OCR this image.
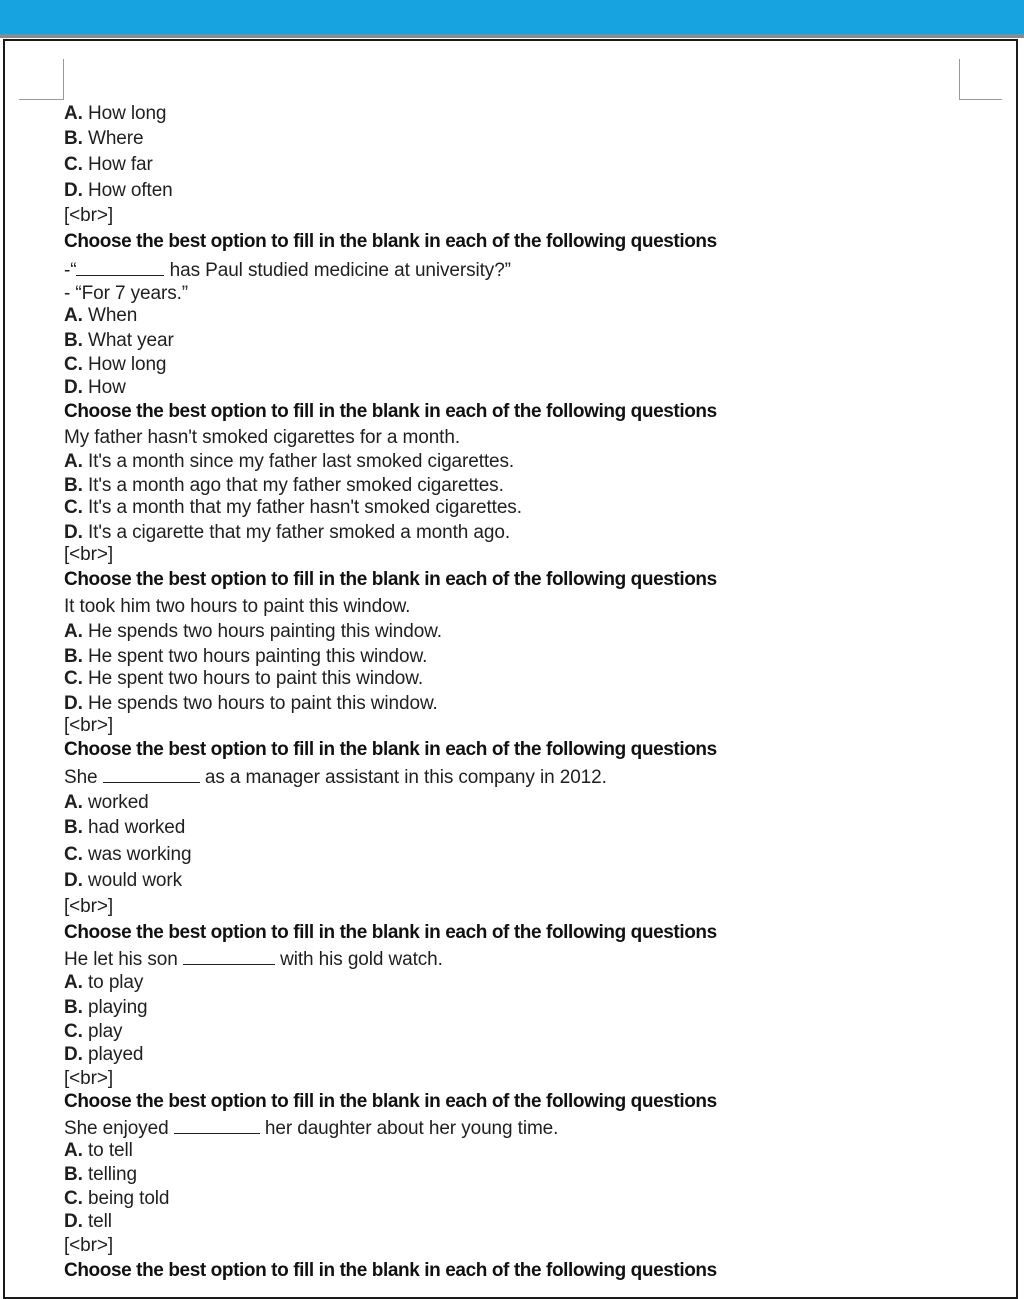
A. How long
B. Where
C. How far
D. How often
[<br>]
Choose the best option to fill in the blank in each of the following questions
-“	has Paul studied medicine at university?”
- “For 7 years.”
A. When
B. What year
C. How long
D. How
Choose the best option to fill in the blank in each of the following questions
My father hasn't smoked cigarettes for a month.
A. It's a month since my father last smoked cigarettes.
B. It's a month ago that my father smoked cigarettes.
C. It's a month that my father hasn't smoked cigarettes.
D. It's a cigarette that my father smoked a month ago.
[<br>]
Choose the best option to fill in the blank in each of the following questions
It took him two hours to paint this window.
A. He spends two hours painting this window.
B. He spent two hours painting this window.
C. He spent two hours to paint this window.
D. He spends two hours to paint this window.
[<br>]
Choose the best option to fill in the blank in each of the following questions
She	as a manager assistant in this company in 2012.
A. worked
B. had worked
C. was working
D. would work
[<br>]
Choose the best option to fill in the blank in each of the following questions
He let his son	with his gold watch.
A. to play
B. playing
C. play
D. played
[<br>]
Choose the best option to fill in the blank in each of the following questions
She enjoyed	her daughter about her young time.
A. to tell
B. telling
C. being told
D. tell
[<br>]
Choose the best option to fill in the blank in each of the following questions
